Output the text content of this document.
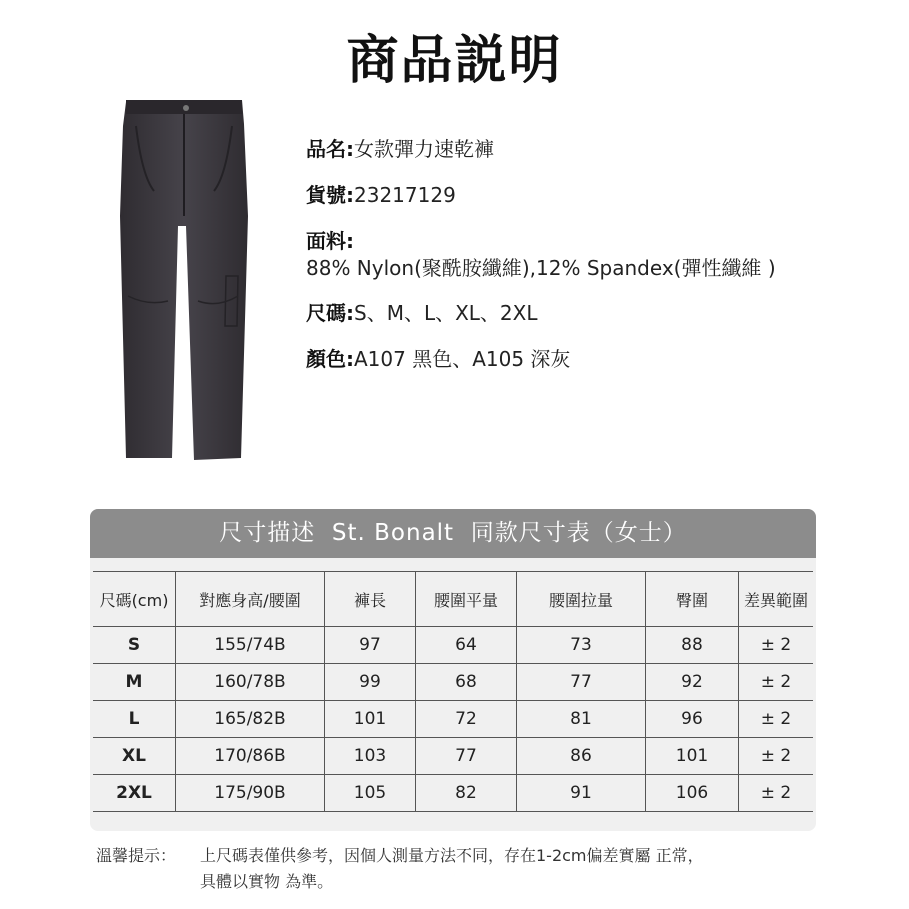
商品説明
品名:女款彈力速乾褲
貨號:23217129
面料:
88% Nylon(聚酰胺纖維),12% Spandex(彈性纖維 )
尺碼:S、M、L、XL、2XL
顏色:A107 黑色、A105 深灰
尺寸描述  St. Bonalt  同款尺寸表（女士）
尺碼(cm)	對應身高/腰圍	褲長	腰圍平量	腰圍拉量	臀圍	差異範圍
S	155/74B	97	64	73	88	± 2
M	160/78B	99	68	77	92	± 2
L	165/82B	101	72	81	96	± 2
XL	170/86B	103	77	86	101	± 2
2XL	175/90B	105	82	91	106	± 2
溫馨提示： 上尺碼表僅供參考，因個人測量方法不同，存在1-2cm偏差實屬 正常，
具體以實物 為準。
